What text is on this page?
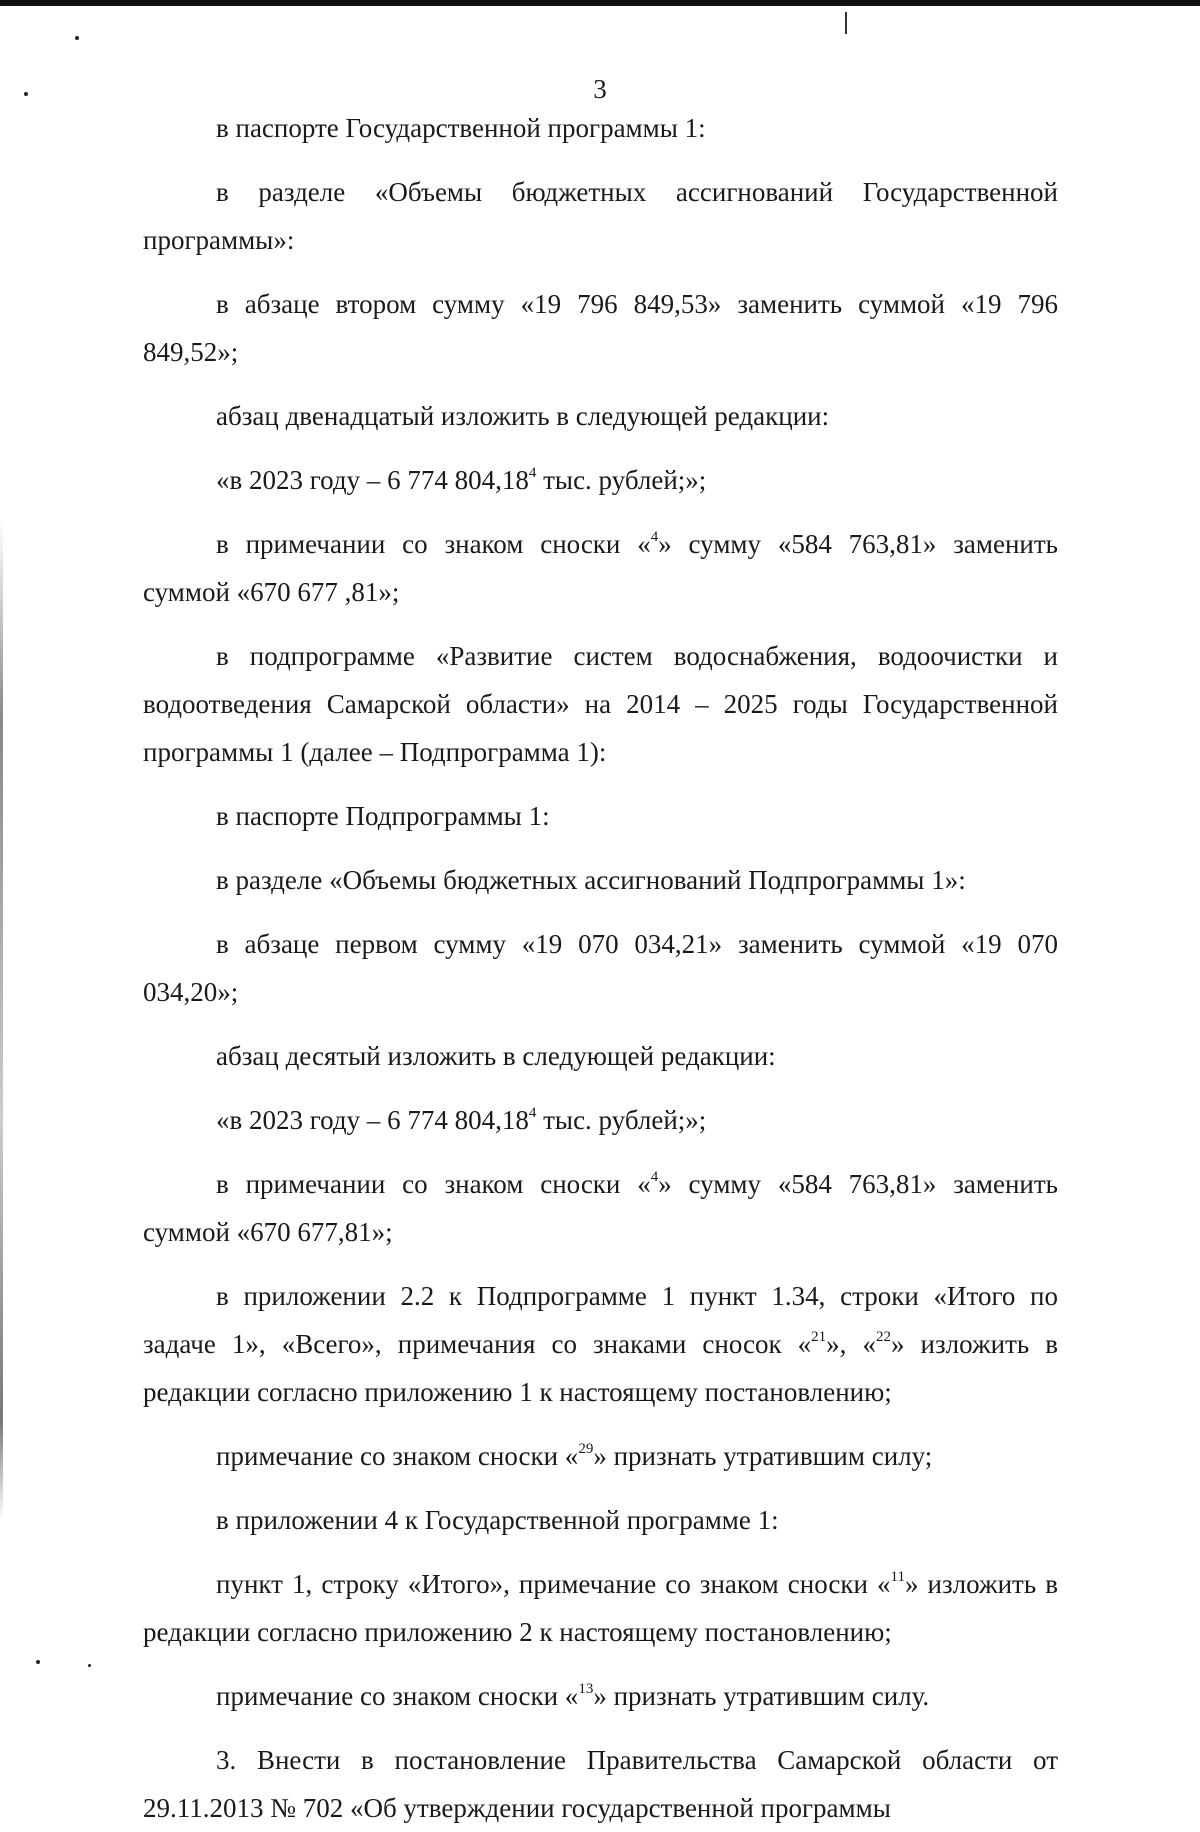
3

в паспорте Государственной программы 1:

в разделе «Объемы бюджетных ассигнований Государственной программы»:

в абзаце втором сумму «19 796 849,53» заменить суммой «19 796 849,52»;

абзац двенадцатый изложить в следующей редакции:

«в 2023 году – 6 774 804,18$^4$ тыс. рублей;»;

в примечании со знаком сноски «$^4$» сумму «584 763,81» заменить суммой «670 677 ,81»;

в подпрограмме «Развитие систем водоснабжения, водоочистки и водоотведения Самарской области» на 2014 – 2025 годы Государственной программы 1 (далее – Подпрограмма 1):

в паспорте Подпрограммы 1:

в разделе «Объемы бюджетных ассигнований Подпрограммы 1»:

в абзаце первом сумму «19 070 034,21» заменить суммой «19 070 034,20»;

абзац десятый изложить в следующей редакции:

«в 2023 году – 6 774 804,18$^4$ тыс. рублей;»;

в примечании со знаком сноски «$^4$» сумму «584 763,81» заменить суммой «670 677,81»;

в приложении 2.2 к Подпрограмме 1 пункт 1.34, строки «Итого по задаче 1», «Всего», примечания со знаками сносок «$^{21}$», «$^{22}$» изложить в редакции согласно приложению 1 к настоящему постановлению;

примечание со знаком сноски «$^{29}$» признать утратившим силу;

в приложении 4 к Государственной программе 1:

пункт 1, строку «Итого», примечание со знаком сноски «$^{11}$» изложить в редакции согласно приложению 2 к настоящему постановлению;

примечание со знаком сноски «$^{13}$» признать утратившим силу.

3. Внести в постановление Правительства Самарской области от 29.11.2013 № 702 «Об утверждении государственной программы
